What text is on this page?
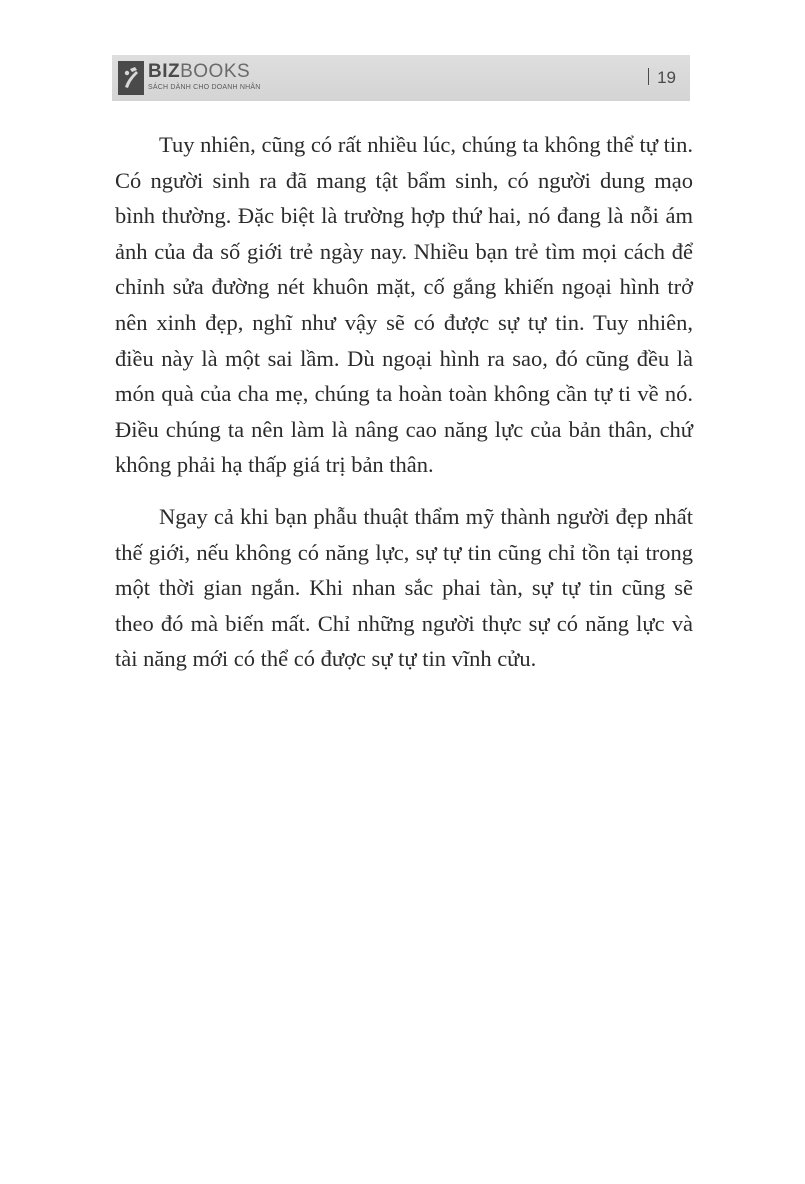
BIZBOOKS
SÁCH DÀNH CHO DOANH NHÂN
19

Tuy nhiên, cũng có rất nhiều lúc, chúng ta không thể tự tin. Có người sinh ra đã mang tật bẩm sinh, có người dung mạo bình thường. Đặc biệt là trường hợp thứ hai, nó đang là nỗi ám ảnh của đa số giới trẻ ngày nay. Nhiều bạn trẻ tìm mọi cách để chỉnh sửa đường nét khuôn mặt, cố gắng khiến ngoại hình trở nên xinh đẹp, nghĩ như vậy sẽ có được sự tự tin. Tuy nhiên, điều này là một sai lầm. Dù ngoại hình ra sao, đó cũng đều là món quà của cha mẹ, chúng ta hoàn toàn không cần tự ti về nó. Điều chúng ta nên làm là nâng cao năng lực của bản thân, chứ không phải hạ thấp giá trị bản thân.

Ngay cả khi bạn phẫu thuật thẩm mỹ thành người đẹp nhất thế giới, nếu không có năng lực, sự tự tin cũng chỉ tồn tại trong một thời gian ngắn. Khi nhan sắc phai tàn, sự tự tin cũng sẽ theo đó mà biến mất. Chỉ những người thực sự có năng lực và tài năng mới có thể có được sự tự tin vĩnh cửu.
